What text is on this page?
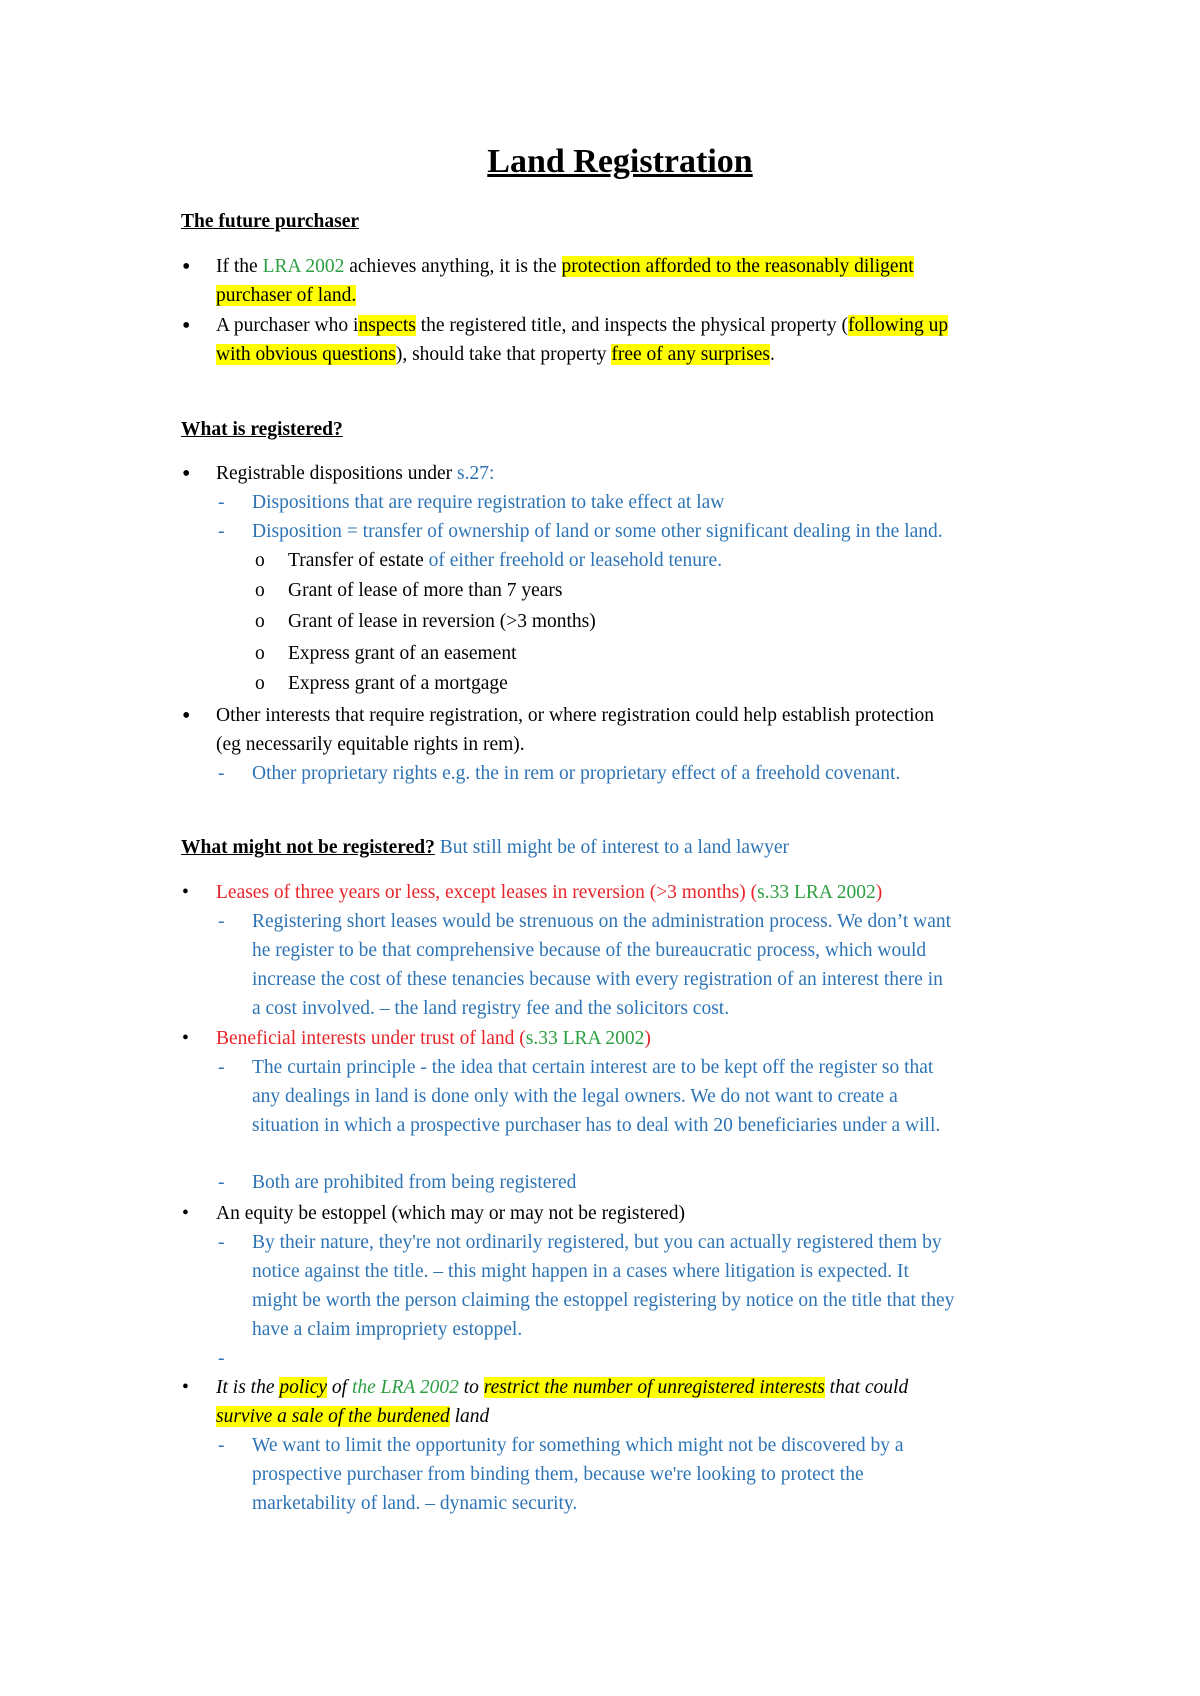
Land Registration
The future purchaser
• If the LRA 2002 achieves anything, it is the protection afforded to the reasonably diligent
purchaser of land.
• A purchaser who inspects the registered title, and inspects the physical property (following up
with obvious questions), should take that property free of any surprises.
What is registered?
• Registrable dispositions under s.27:
- Dispositions that are require registration to take effect at law
- Disposition = transfer of ownership of land or some other significant dealing in the land.
o Transfer of estate of either freehold or leasehold tenure.
o Grant of lease of more than 7 years
o Grant of lease in reversion (>3 months)
o Express grant of an easement
o Express grant of a mortgage
• Other interests that require registration, or where registration could help establish protection
(eg necessarily equitable rights in rem).
- Other proprietary rights e.g. the in rem or proprietary effect of a freehold covenant.
What might not be registered? But still might be of interest to a land lawyer
• Leases of three years or less, except leases in reversion (>3 months) (s.33 LRA 2002)
- Registering short leases would be strenuous on the administration process. We don’t want
he register to be that comprehensive because of the bureaucratic process, which would
increase the cost of these tenancies because with every registration of an interest there in
a cost involved. – the land registry fee and the solicitors cost.
• Beneficial interests under trust of land (s.33 LRA 2002)
- The curtain principle - the idea that certain interest are to be kept off the register so that
any dealings in land is done only with the legal owners. We do not want to create a
situation in which a prospective purchaser has to deal with 20 beneficiaries under a will.
- Both are prohibited from being registered
• An equity be estoppel (which may or may not be registered)
- By their nature, they're not ordinarily registered, but you can actually registered them by
notice against the title. – this might happen in a cases where litigation is expected. It
might be worth the person claiming the estoppel registering by notice on the title that they
have a claim impropriety estoppel.
-
• It is the policy of the LRA 2002 to restrict the number of unregistered interests that could
survive a sale of the burdened land
- We want to limit the opportunity for something which might not be discovered by a
prospective purchaser from binding them, because we're looking to protect the
marketability of land. – dynamic security.
